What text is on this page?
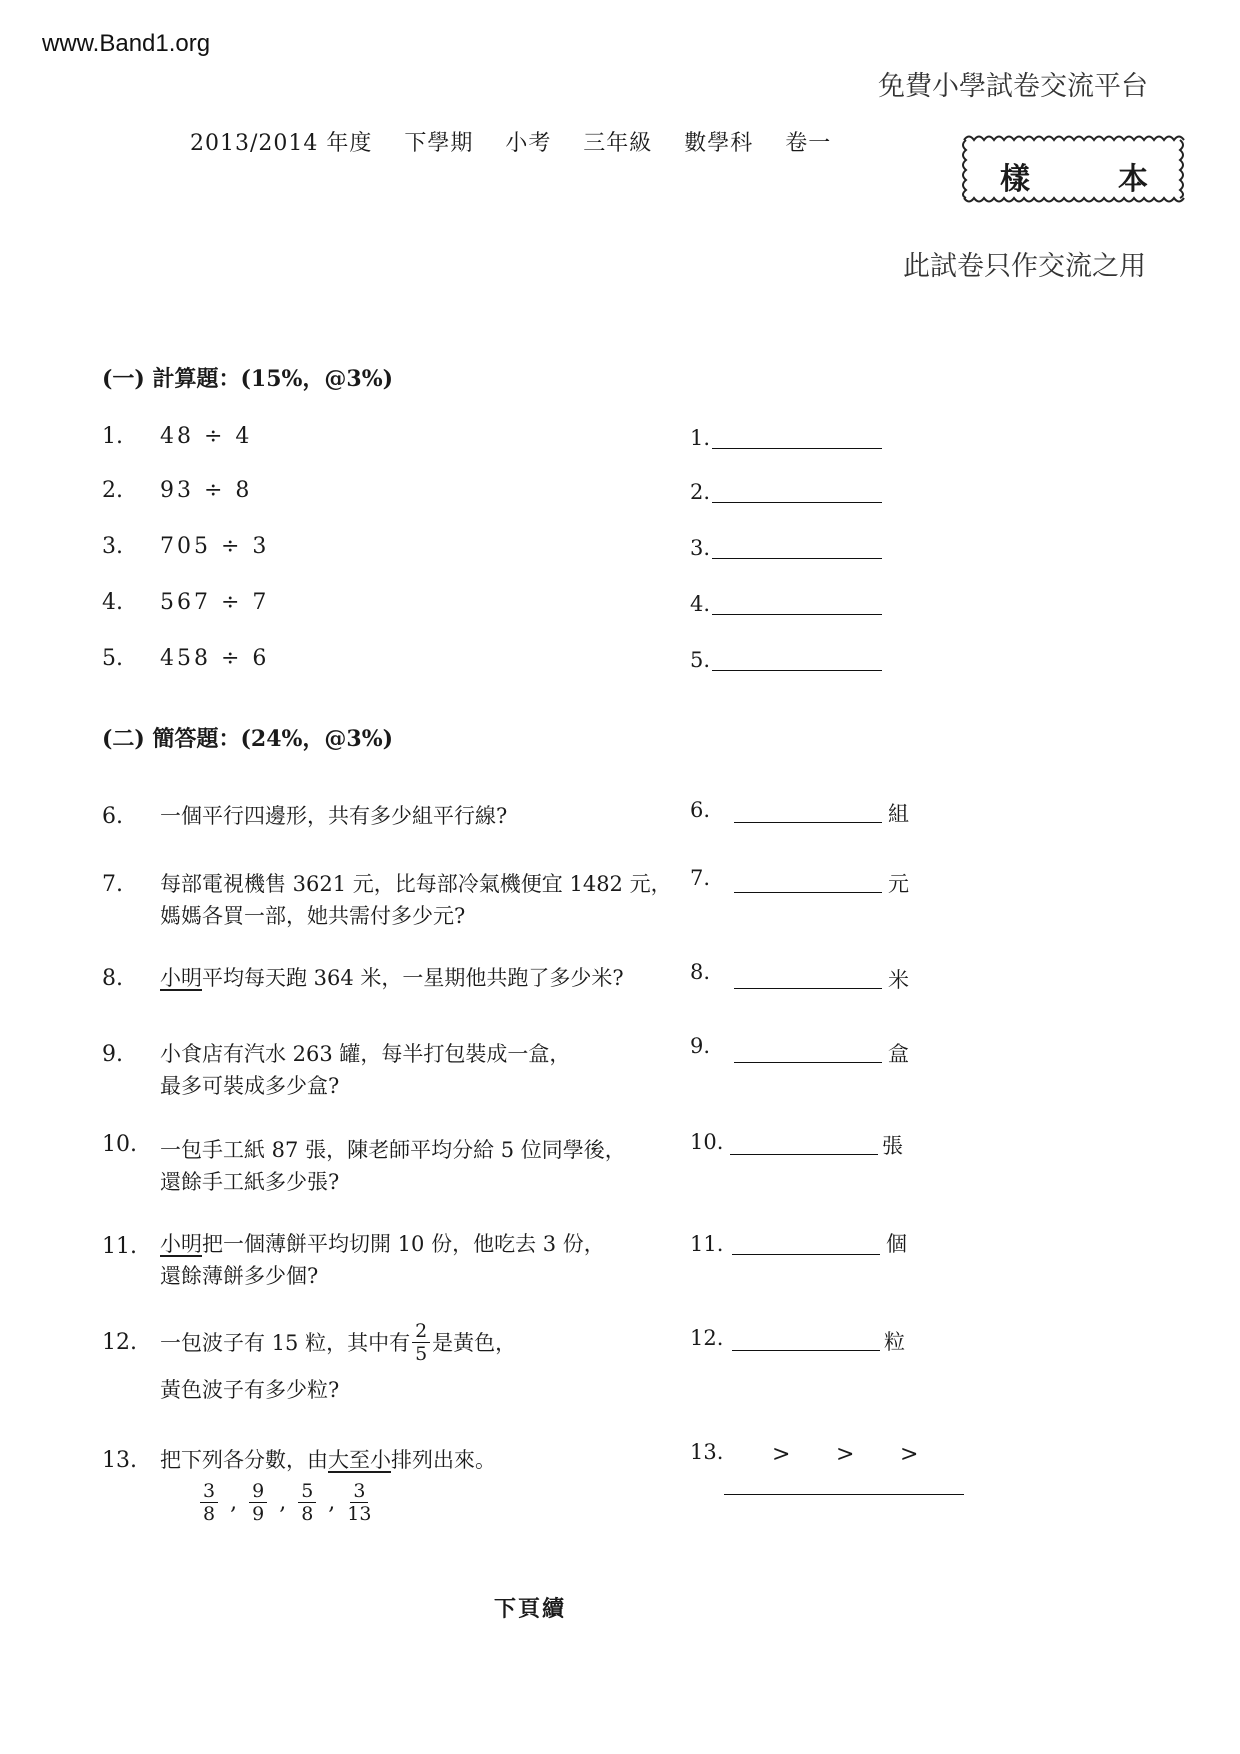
www.Band1.org
免費小學試卷交流平台
2013/2014 年度    下學期    小考    三年級    數學科    卷一
樣	本
此試卷只作交流之用
(一) 計算題：(15%，@3%)
1. 48 ÷ 4	1.
2. 93 ÷ 8	2.
3. 705 ÷ 3	3.
4. 567 ÷ 7	4.
5. 458 ÷ 6	5.
(二) 簡答題：(24%，@3%)
6. 一個平行四邊形，共有多少組平行線?	6.	組
7. 每部電視機售 3621 元，比每部冷氣機便宜 1482 元，
媽媽各買一部，她共需付多少元?
7.	元
8. 小明平均每天跑 364 米，一星期他共跑了多少米?	8.	米
9. 小食店有汽水 263 罐，每半打包裝成一盒，
最多可裝成多少盒?
9.	盒
10. 一包手工紙 87 張，陳老師平均分給 5 位同學後，
還餘手工紙多少張?
10.	張
11. 小明把一個薄餅平均切開 10 份，他吃去 3 份，
還餘薄餅多少個?
11.	個
12. 一包波子有 15 粒，其中有 $\frac{2}{5}$ 是黃色，
黃色波子有多少粒?
12.	粒
13. 把下列各分數，由大至小排列出來。
$\frac{3}{8}$ , $\frac{9}{9}$ , $\frac{5}{8}$ , $\frac{3}{13}$
13. > > >
下頁續
